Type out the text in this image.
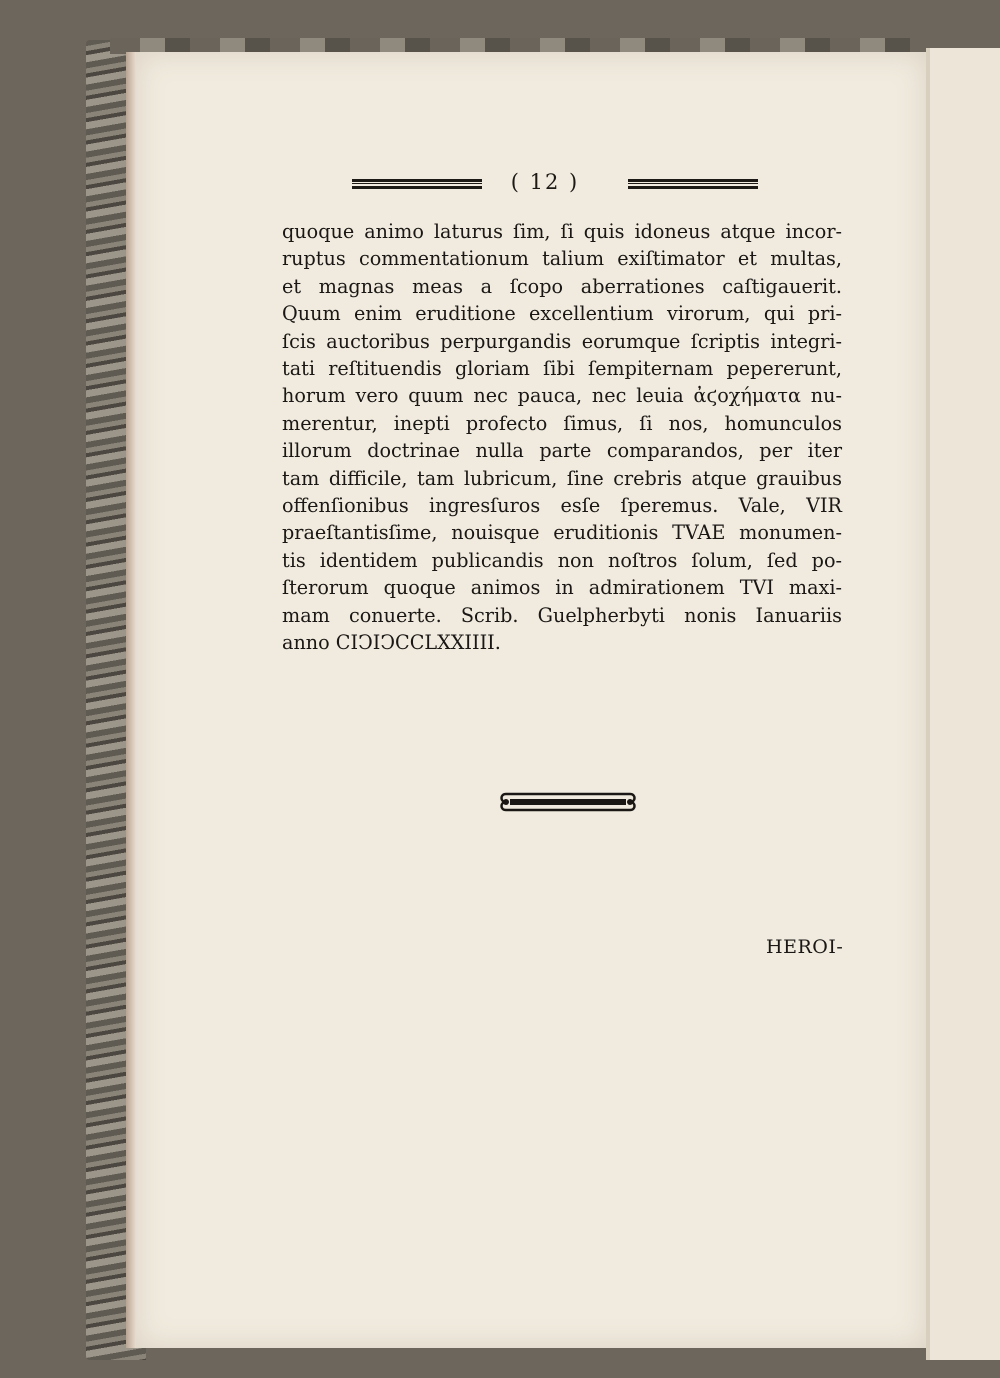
( 12 )
quoque animo laturus ſim, ſi quis idoneus atque incor-
ruptus commentationum talium exiſtimator et multas,
et magnas meas a ſcopo aberrationes caſtigauerit.
Quum enim eruditione excellentium virorum, qui pri-
ſcis auctoribus perpurgandis eorumque ſcriptis integri-
tati reſtituendis gloriam ſibi ſempiternam pepererunt,
horum vero quum nec pauca, nec leuia ἀϛοχήματα nu-
merentur, inepti profecto ſimus, ſi nos, homunculos
illorum doctrinae nulla parte comparandos, per iter
tam difficile, tam lubricum, ſine crebris atque grauibus
offenſionibus ingresſuros esſe ſperemus. Vale, VIR
praeſtantisſime, nouisque eruditionis TVAE monumen-
tis identidem publicandis non noſtros ſolum, ſed po-
ſterorum quoque animos in admirationem TVI maxi-
mam conuerte. Scrib. Guelpherbyti nonis Ianuariis
anno CIↃIↃCCLXXIIII.
HEROI-
